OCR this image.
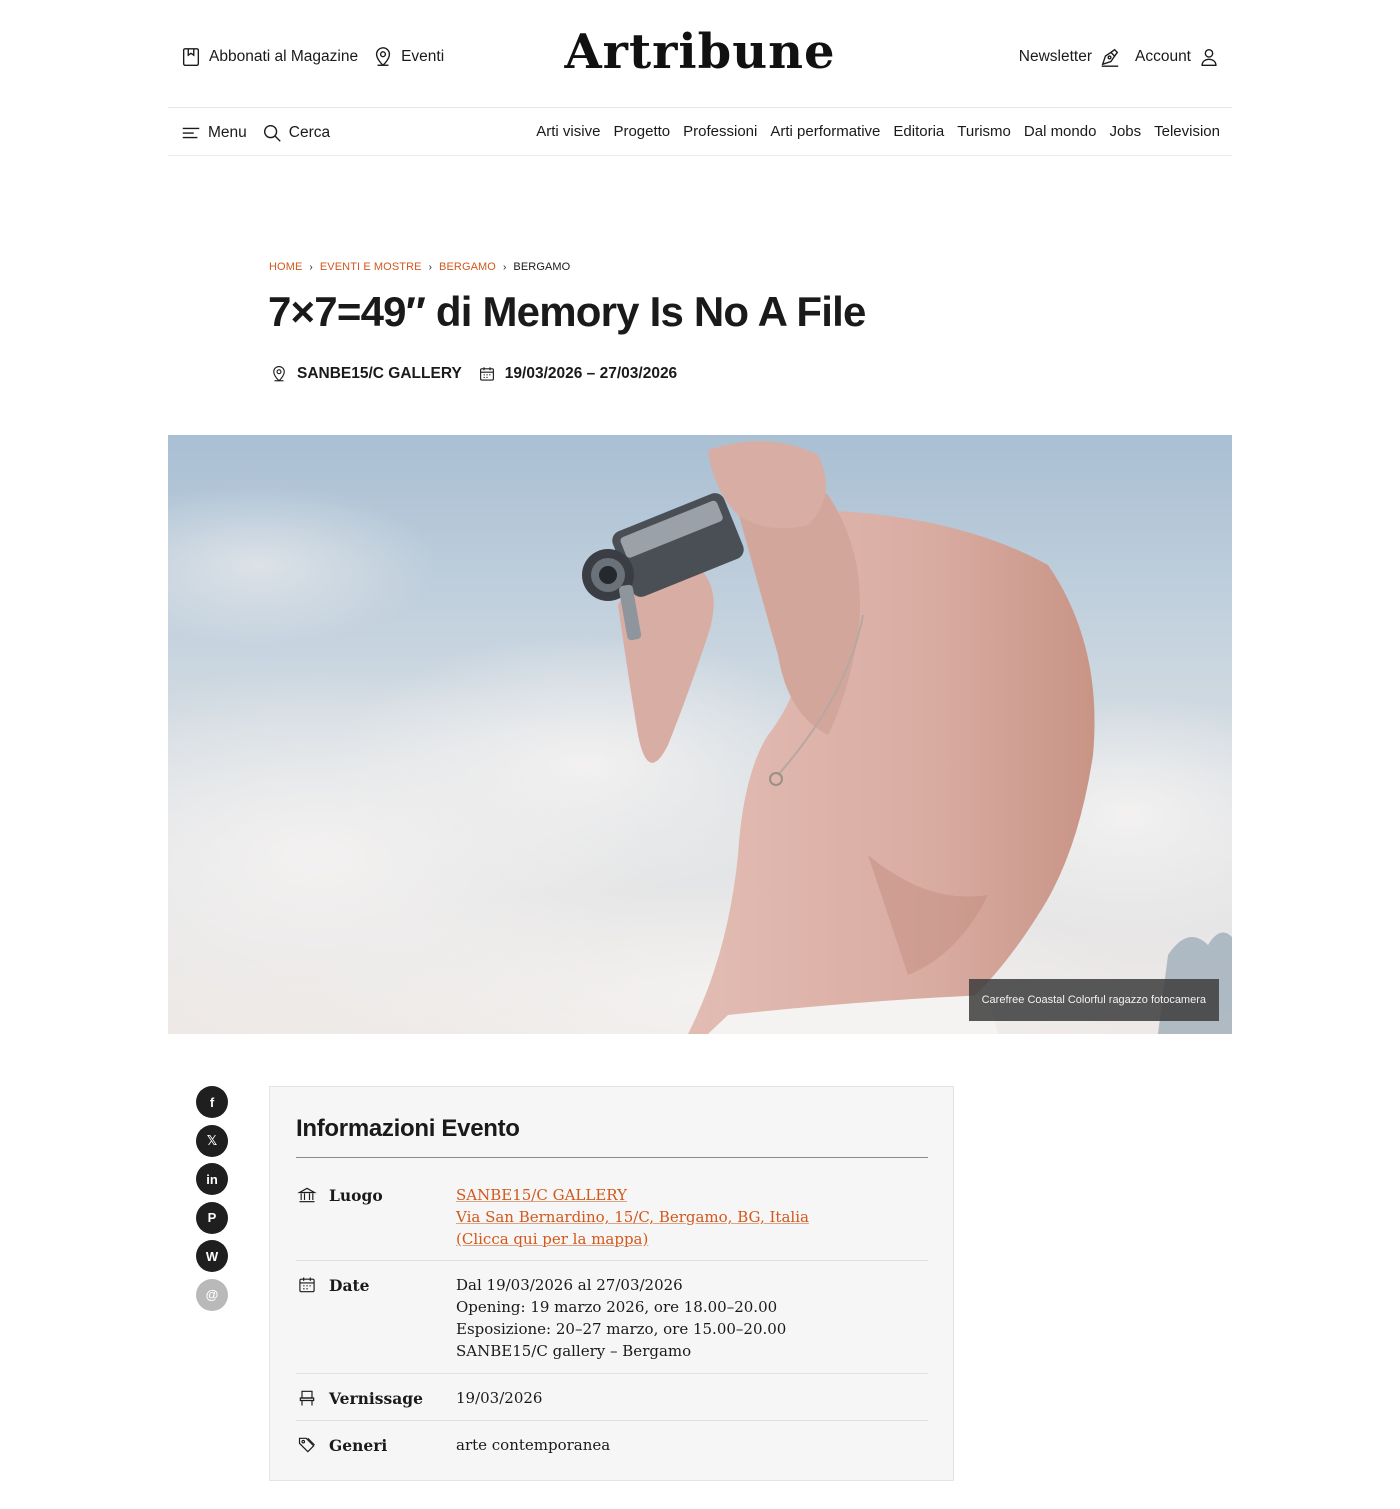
Abbonati al Magazine	Eventi	Artribune	Newsletter	Account
Menu	Cerca	Arti visive Progetto Professioni Arti performative Editoria Turismo Dal mondo Jobs Television
HOME › EVENTI E MOSTRE › BERGAMO › BERGAMO
7×7=49″ di Memory Is No A File
SANBE15/C GALLERY	19/03/2026 – 27/03/2026
Carefree Coastal Colorful ragazzo fotocamera
f
𝕏
in
P
W
@
Informazioni Evento
Luogo	SANBE15/C GALLERY
Via San Bernardino, 15/C, Bergamo, BG, Italia
(Clicca qui per la mappa)
Date	Dal 19/03/2026 al 27/03/2026
Opening: 19 marzo 2026, ore 18.00–20.00
Esposizione: 20–27 marzo, ore 15.00–20.00
SANBE15/C gallery – Bergamo
Vernissage 19/03/2026
Generi	arte contemporanea
